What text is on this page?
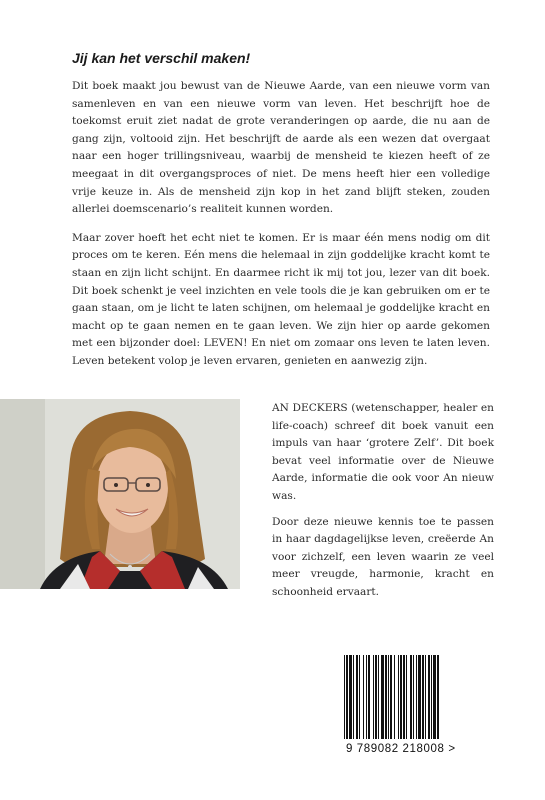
Jij kan het verschil maken!

Dit boek maakt jou bewust van de Nieuwe Aarde, van een nieuwe vorm van samenleven en van een nieuwe vorm van leven. Het beschrijft hoe de toekomst eruit ziet nadat de grote veranderingen op aarde, die nu aan de gang zijn, voltooid zijn. Het beschrijft de aarde als een wezen dat overgaat naar een hoger trillingsniveau, waarbij de mensheid te kiezen heeft of ze meegaat in dit overgangsproces of niet. De mens heeft hier een volledige vrije keuze in. Als de mensheid zijn kop in het zand blijft steken, zouden allerlei doemscenario’s realiteit kunnen worden.

Maar zover hoeft het echt niet te komen. Er is maar één mens nodig om dit proces om te keren. Eén mens die helemaal in zijn goddelijke kracht komt te staan en zijn licht schijnt. En daarmee richt ik mij tot jou, lezer van dit boek. Dit boek schenkt je veel inzichten en vele tools die je kan gebruiken om er te gaan staan, om je licht te laten schijnen, om helemaal je goddelijke kracht en macht op te gaan nemen en te gaan leven. We zijn hier op aarde gekomen met een bijzonder doel: LEVEN! En niet om zomaar ons leven te laten leven. Leven betekent volop je leven ervaren, genieten en aanwezig zijn.

AN DECKERS (wetenschapper, healer en life-coach) schreef dit boek vanuit een impuls van haar ‘grotere Zelf’. Dit boek bevat veel informatie over de Nieuwe Aarde, informatie die ook voor An nieuw was.

Door deze nieuwe kennis toe te passen in haar dagdagelijkse leven, creëerde An voor zichzelf, een leven waarin ze veel meer vreugde, harmonie, kracht en schoonheid ervaart.

9 789082 218008 >
